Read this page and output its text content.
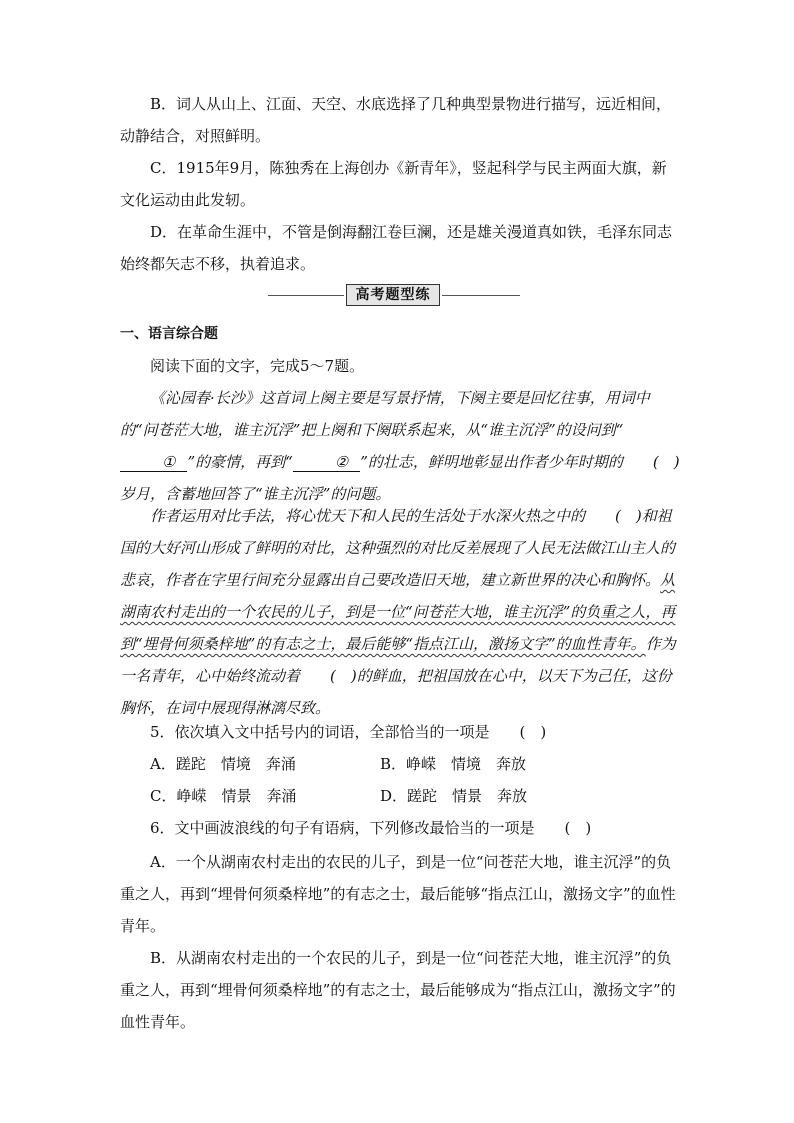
B．词人从山上、江面、天空、水底选择了几种典型景物进行描写，远近相间，动静结合，对照鲜明。

C．1915年9月，陈独秀在上海创办《新青年》，竖起科学与民主两面大旗，新文化运动由此发轫。

D．在革命生涯中，不管是倒海翻江卷巨澜，还是雄关漫道真如铁，毛泽东同志始终都矢志不移，执着追求。

高考题型练

一、语言综合题

阅读下面的文字，完成5～7题。

《沁园春·长沙》这首词上阕主要是写景抒情，下阕主要是回忆往事，用词中的“问苍茫大地，谁主沉浮”把上阕和下阕联系起来，从“谁主沉浮”的设问到“① ”的豪情，再到“	② ”的壮志，鲜明地彰显出作者少年时期的 (　)岁月，含蓄地回答了“谁主沉浮”的问题。
作者运用对比手法，将心忧天下和人民的生活处于水深火热之中的 (　)和祖国的大好河山形成了鲜明的对比，这种强烈的对比反差展现了人民无法做江山主人的悲哀，作者在字里行间充分显露出自己要改造旧天地，建立新世界的决心和胸怀。从湖南农村走出的一个农民的儿子，到是一位“问苍茫大地，谁主沉浮”的负重之人，再到“埋骨何须桑梓地”的有志之士，最后能够“指点江山，激扬文字”的血性青年。作为一名青年，心中始终流动着 (　)的鲜血，把祖国放在心中，以天下为己任，这份胸怀，在词中展现得淋漓尽致。

5．依次填入文中括号内的词语，全部恰当的一项是 (　)

A．蹉跎　情境　奔涌	B．峥嵘　情境　奔放
C．峥嵘　情景　奔涌	D．蹉跎　情景　奔放

6．文中画波浪线的句子有语病，下列修改最恰当的一项是 (　)

A．一个从湖南农村走出的农民的儿子，到是一位“问苍茫大地，谁主沉浮”的负重之人，再到“埋骨何须桑梓地”的有志之士，最后能够“指点江山，激扬文字”的血性青年。

B．从湖南农村走出的一个农民的儿子，到是一位“问苍茫大地，谁主沉浮”的负重之人，再到“埋骨何须桑梓地”的有志之士，最后能够成为“指点江山，激扬文字”的血性青年。
